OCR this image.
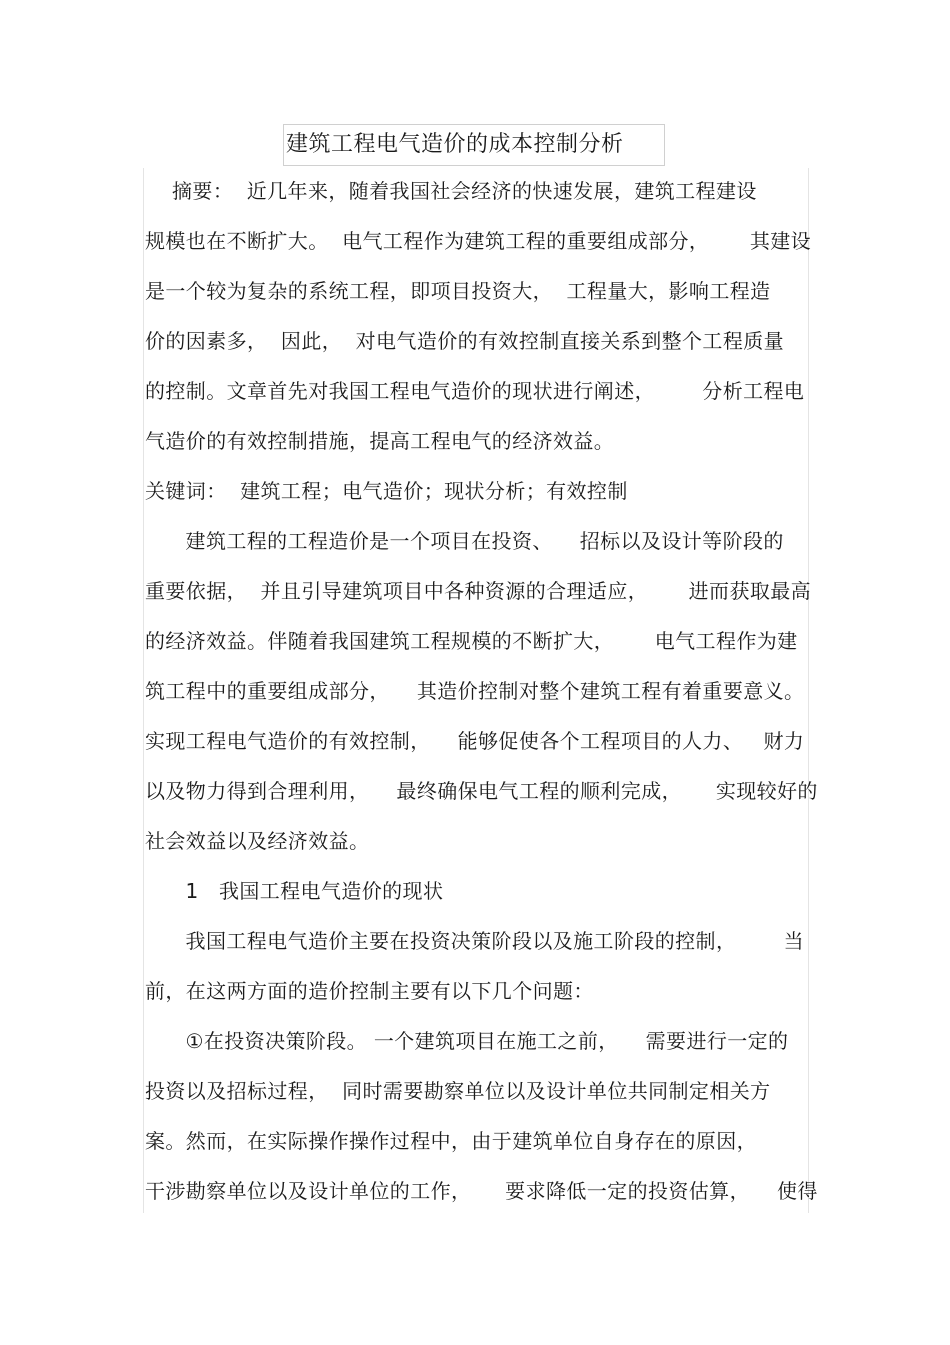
建筑工程电气造价的成本控制分析
摘要：  近几年来，随着我国社会经济的快速发展，建筑工程建设
规模也在不断扩大。  电气工程作为建筑工程的重要组成部分，      其建设
是一个较为复杂的系统工程，即项目投资大，  工程量大，影响工程造
价的因素多，  因此，  对电气造价的有效控制直接关系到整个工程质量
的控制。文章首先对我国工程电气造价的现状进行阐述，       分析工程电
气造价的有效控制措施，提高工程电气的经济效益。
关键词：  建筑工程；电气造价；现状分析；有效控制
建筑工程的工程造价是一个项目在投资、    招标以及设计等阶段的
重要依据，  并且引导建筑项目中各种资源的合理适应，      进而获取最高
的经济效益。伴随着我国建筑工程规模的不断扩大，      电气工程作为建
筑工程中的重要组成部分，    其造价控制对整个建筑工程有着重要意义。
实现工程电气造价的有效控制，    能够促使各个工程项目的人力、   财力
以及物力得到合理利用，    最终确保电气工程的顺利完成，     实现较好的
社会效益以及经济效益。
1   我国工程电气造价的现状
我国工程电气造价主要在投资决策阶段以及施工阶段的控制，       当
前，在这两方面的造价控制主要有以下几个问题：
①在投资决策阶段。 一个建筑项目在施工之前，    需要进行一定的
投资以及招标过程，  同时需要勘察单位以及设计单位共同制定相关方
案。然而，在实际操作操作过程中，由于建筑单位自身存在的原因，
干涉勘察单位以及设计单位的工作，     要求降低一定的投资估算，    使得
